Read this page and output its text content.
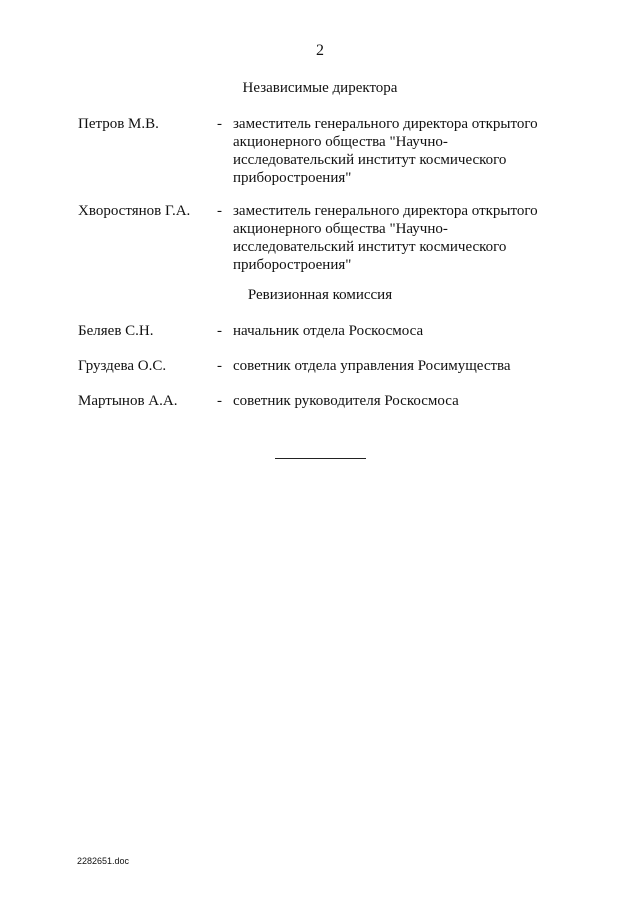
2
Независимые директора
Петров М.В.	- заместитель генерального директора открытого
акционерного общества "Научно-
исследовательский институт космического
приборостроения"
Хворостянов Г.А. - заместитель генерального директора открытого
акционерного общества "Научно-
исследовательский институт космического
приборостроения"
Ревизионная комиссия
Беляев С.Н.	- начальник отдела Роскосмоса
Груздева О.С.	- советник отдела управления Росимущества
Мартынов А.А.	- советник руководителя Роскосмоса
2282651.doc
